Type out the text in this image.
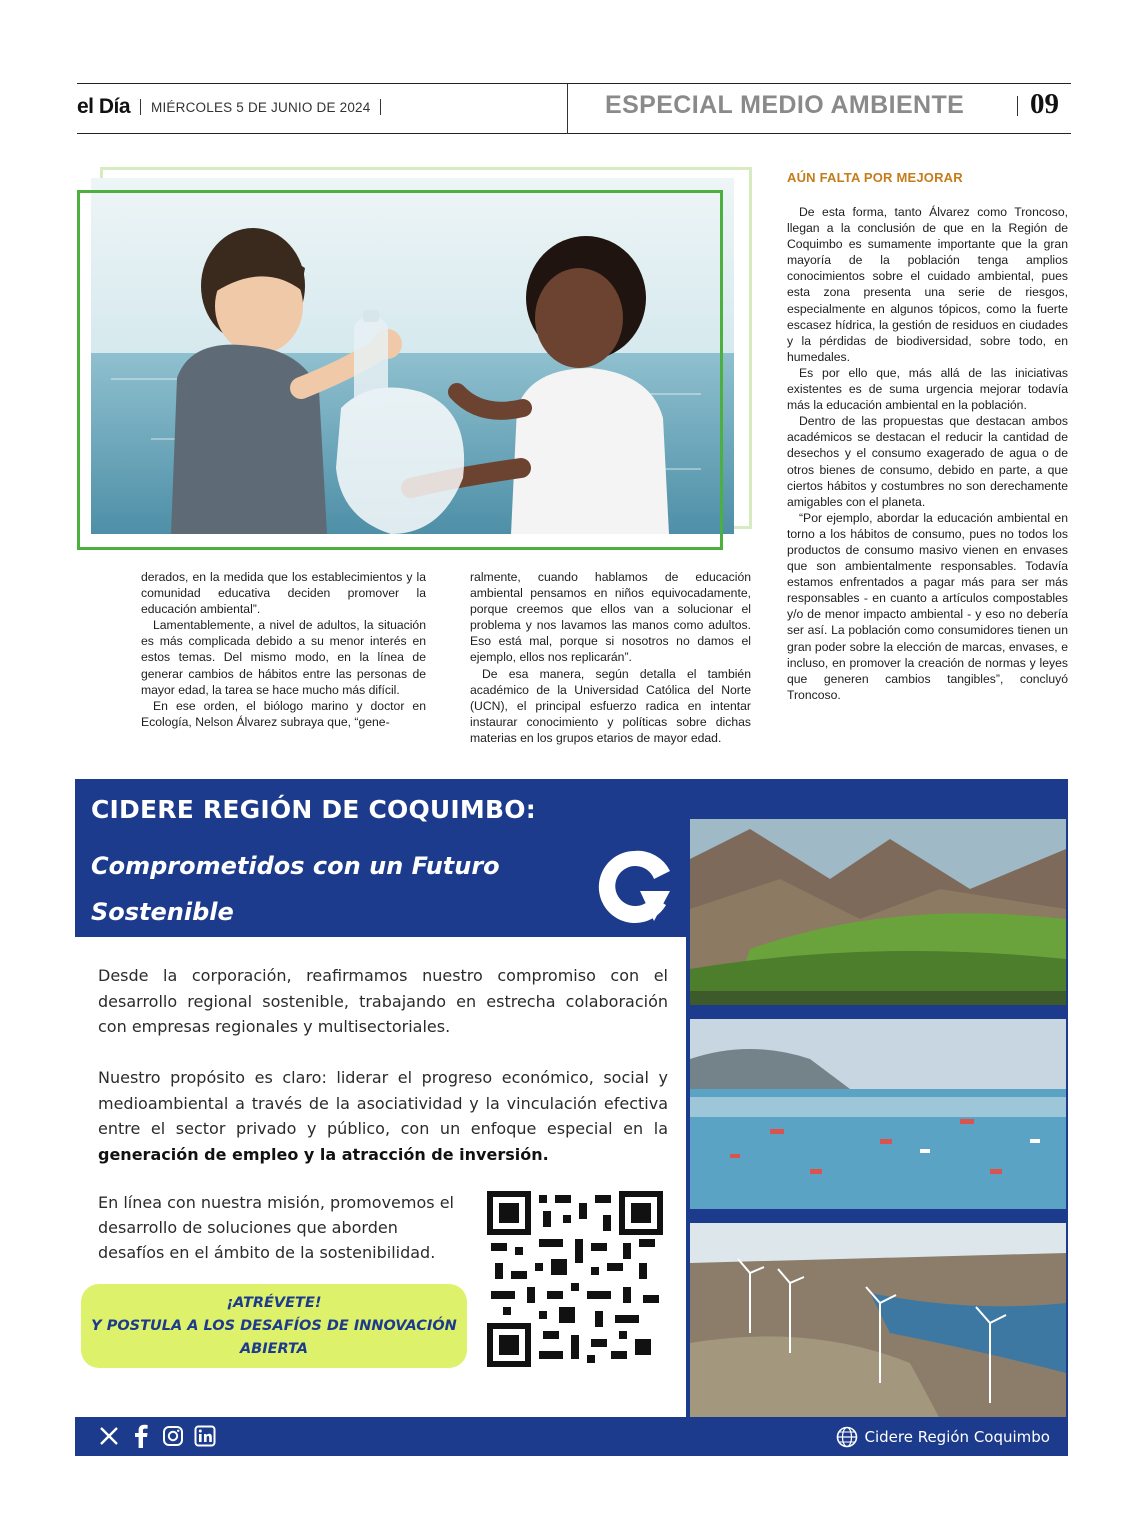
el Día MIÉRCOLES 5 DE JUNIO DE 2024	ESPECIAL MEDIO AMBIENTE 09

derados, en la medida que los establecimientos y la comunidad educativa deciden promover la educación ambiental”.

Lamentablemente, a nivel de adultos, la situación es más complicada debido a su menor interés en estos temas. Del mismo modo, en la línea de generar cambios de hábitos entre las personas de mayor edad, la tarea se hace mucho más difícil.

En ese orden, el biólogo marino y doctor en Ecología, Nelson Álvarez subraya que, “gene-

ralmente, cuando hablamos de educación ambiental pensamos en niños equivocadamente, porque creemos que ellos van a solucionar el problema y nos lavamos las manos como adultos. Eso está mal, porque si nosotros no damos el ejemplo, ellos nos replicarán”.

De esa manera, según detalla el también académico de la Universidad Católica del Norte (UCN), el principal esfuerzo radica en intentar instaurar conocimiento y políticas sobre dichas materias en los grupos etarios de mayor edad.

AÚN FALTA POR MEJORAR

De esta forma, tanto Álvarez como Troncoso, llegan a la conclusión de que en la Región de Coquimbo es sumamente importante que la gran mayoría de la población tenga amplios conocimientos sobre el cuidado ambiental, pues esta zona presenta una serie de riesgos, especialmente en algunos tópicos, como la fuerte escasez hídrica, la gestión de residuos en ciudades y la pérdidas de biodiversidad, sobre todo, en humedales.

Es por ello que, más allá de las iniciativas existentes es de suma urgencia mejorar todavía más la educación ambiental en la población.

Dentro de las propuestas que destacan ambos académicos se destacan el reducir la cantidad de desechos y el consumo exagerado de agua o de otros bienes de consumo, debido en parte, a que ciertos hábitos y costumbres no son derechamente amigables con el planeta.

“Por ejemplo, abordar la educación ambiental en torno a los hábitos de consumo, pues no todos los productos de consumo masivo vienen en envases que son ambientalmente responsables. Todavía estamos enfrentados a pagar más para ser más responsables - en cuanto a artículos compostables y/o de menor impacto ambiental - y eso no debería ser así. La población como consumidores tienen un gran poder sobre la elección de marcas, envases, e incluso, en promover la creación de normas y leyes que generen cambios tangibles”, concluyó Troncoso.

CIDERE REGIÓN DE COQUIMBO:
Comprometidos con un Futuro Sostenible
Desde la corporación, reafirmamos nuestro compromiso con el desarrollo regional sostenible, trabajando en estrecha colaboración con empresas regionales y multisectoriales.
Nuestro propósito es claro: liderar el progreso económico, social y medioambiental a través de la asociatividad y la vinculación efectiva entre el sector privado y público, con un enfoque especial en la generación de empleo y la atracción de inversión.
En línea con nuestra misión, promovemos el desarrollo de soluciones que aborden desafíos en el ámbito de la sostenibilidad.
¡ATRÉVETE!
Y POSTULA A LOS DESAFÍOS DE INNOVACIÓN
ABIERTA
Cidere Región Coquimbo
